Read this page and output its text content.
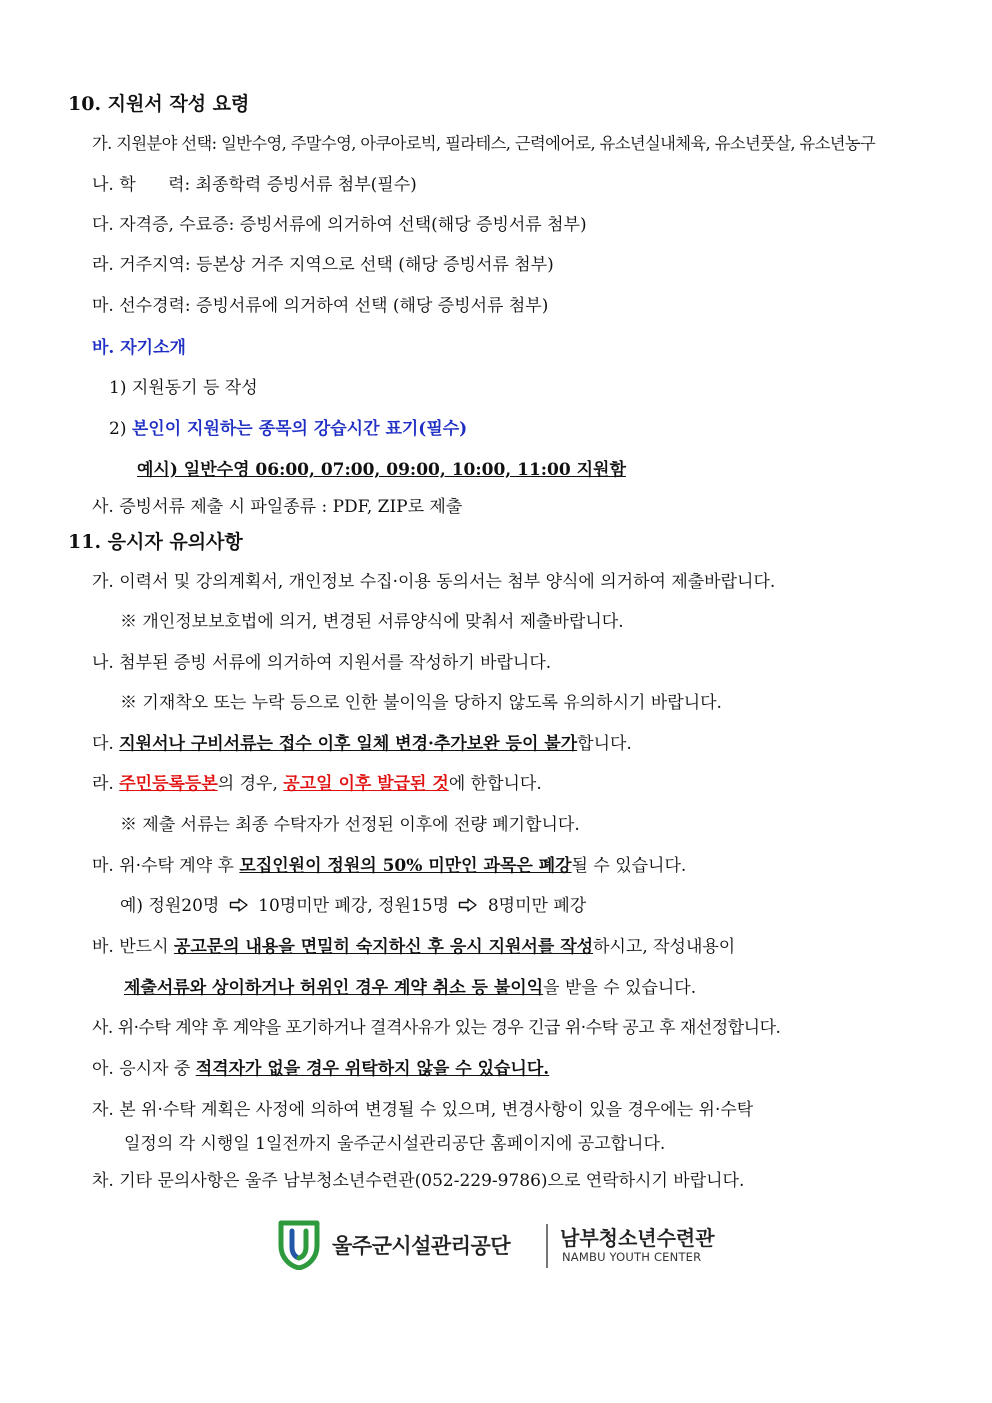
10. 지원서 작성 요령
가. 지원분야 선택: 일반수영, 주말수영, 아쿠아로빅, 필라테스, 근력에어로, 유소년실내체육, 유소년풋살, 유소년농구
나. 학      력: 최종학력 증빙서류 첨부(필수)
다. 자격증, 수료증: 증빙서류에 의거하여 선택(해당 증빙서류 첨부)
라. 거주지역: 등본상 거주 지역으로 선택 (해당 증빙서류 첨부)
마. 선수경력: 증빙서류에 의거하여 선택 (해당 증빙서류 첨부)
바. 자기소개
1) 지원동기 등 작성
2) 본인이 지원하는 종목의 강습시간 표기(필수)
예시) 일반수영 06:00, 07:00, 09:00, 10:00, 11:00 지원함
사. 증빙서류 제출 시 파일종류 : PDF, ZIP로 제출
11. 응시자 유의사항
가. 이력서 및 강의계획서, 개인정보 수집·이용 동의서는 첨부 양식에 의거하여 제출바랍니다.
※ 개인정보보호법에 의거, 변경된 서류양식에 맞춰서 제출바랍니다.
나. 첨부된 증빙 서류에 의거하여 지원서를 작성하기 바랍니다.
※ 기재착오 또는 누락 등으로 인한 불이익을 당하지 않도록 유의하시기 바랍니다.
다. 지원서나 구비서류는 접수 이후 일체 변경·추가보완 등이 불가합니다.
라. 주민등록등본의 경우, 공고일 이후 발급된 것에 한합니다.
※ 제출 서류는 최종 수탁자가 선정된 이후에 전량 폐기합니다.
마. 위·수탁 계약 후 모집인원이 정원의 50% 미만인 과목은 폐강될 수 있습니다.
예) 정원20명 10명미만 폐강, 정원15명 8명미만 폐강
바. 반드시 공고문의 내용을 면밀히 숙지하신 후 응시 지원서를 작성하시고, 작성내용이
제출서류와 상이하거나 허위인 경우 계약 취소 등 불이익을 받을 수 있습니다.
사. 위·수탁 계약 후 계약을 포기하거나 결격사유가 있는 경우 긴급 위·수탁 공고 후 재선정합니다.
아. 응시자 중 적격자가 없을 경우 위탁하지 않을 수 있습니다.
자. 본 위·수탁 계획은 사정에 의하여 변경될 수 있으며, 변경사항이 있을 경우에는 위·수탁
일정의 각 시행일 1일전까지 울주군시설관리공단 홈페이지에 공고합니다.
차. 기타 문의사항은 울주 남부청소년수련관(052-229-9786)으로 연락하시기 바랍니다.
울주군시설관리공단 남부청소년수련관
NAMBU YOUTH CENTER
